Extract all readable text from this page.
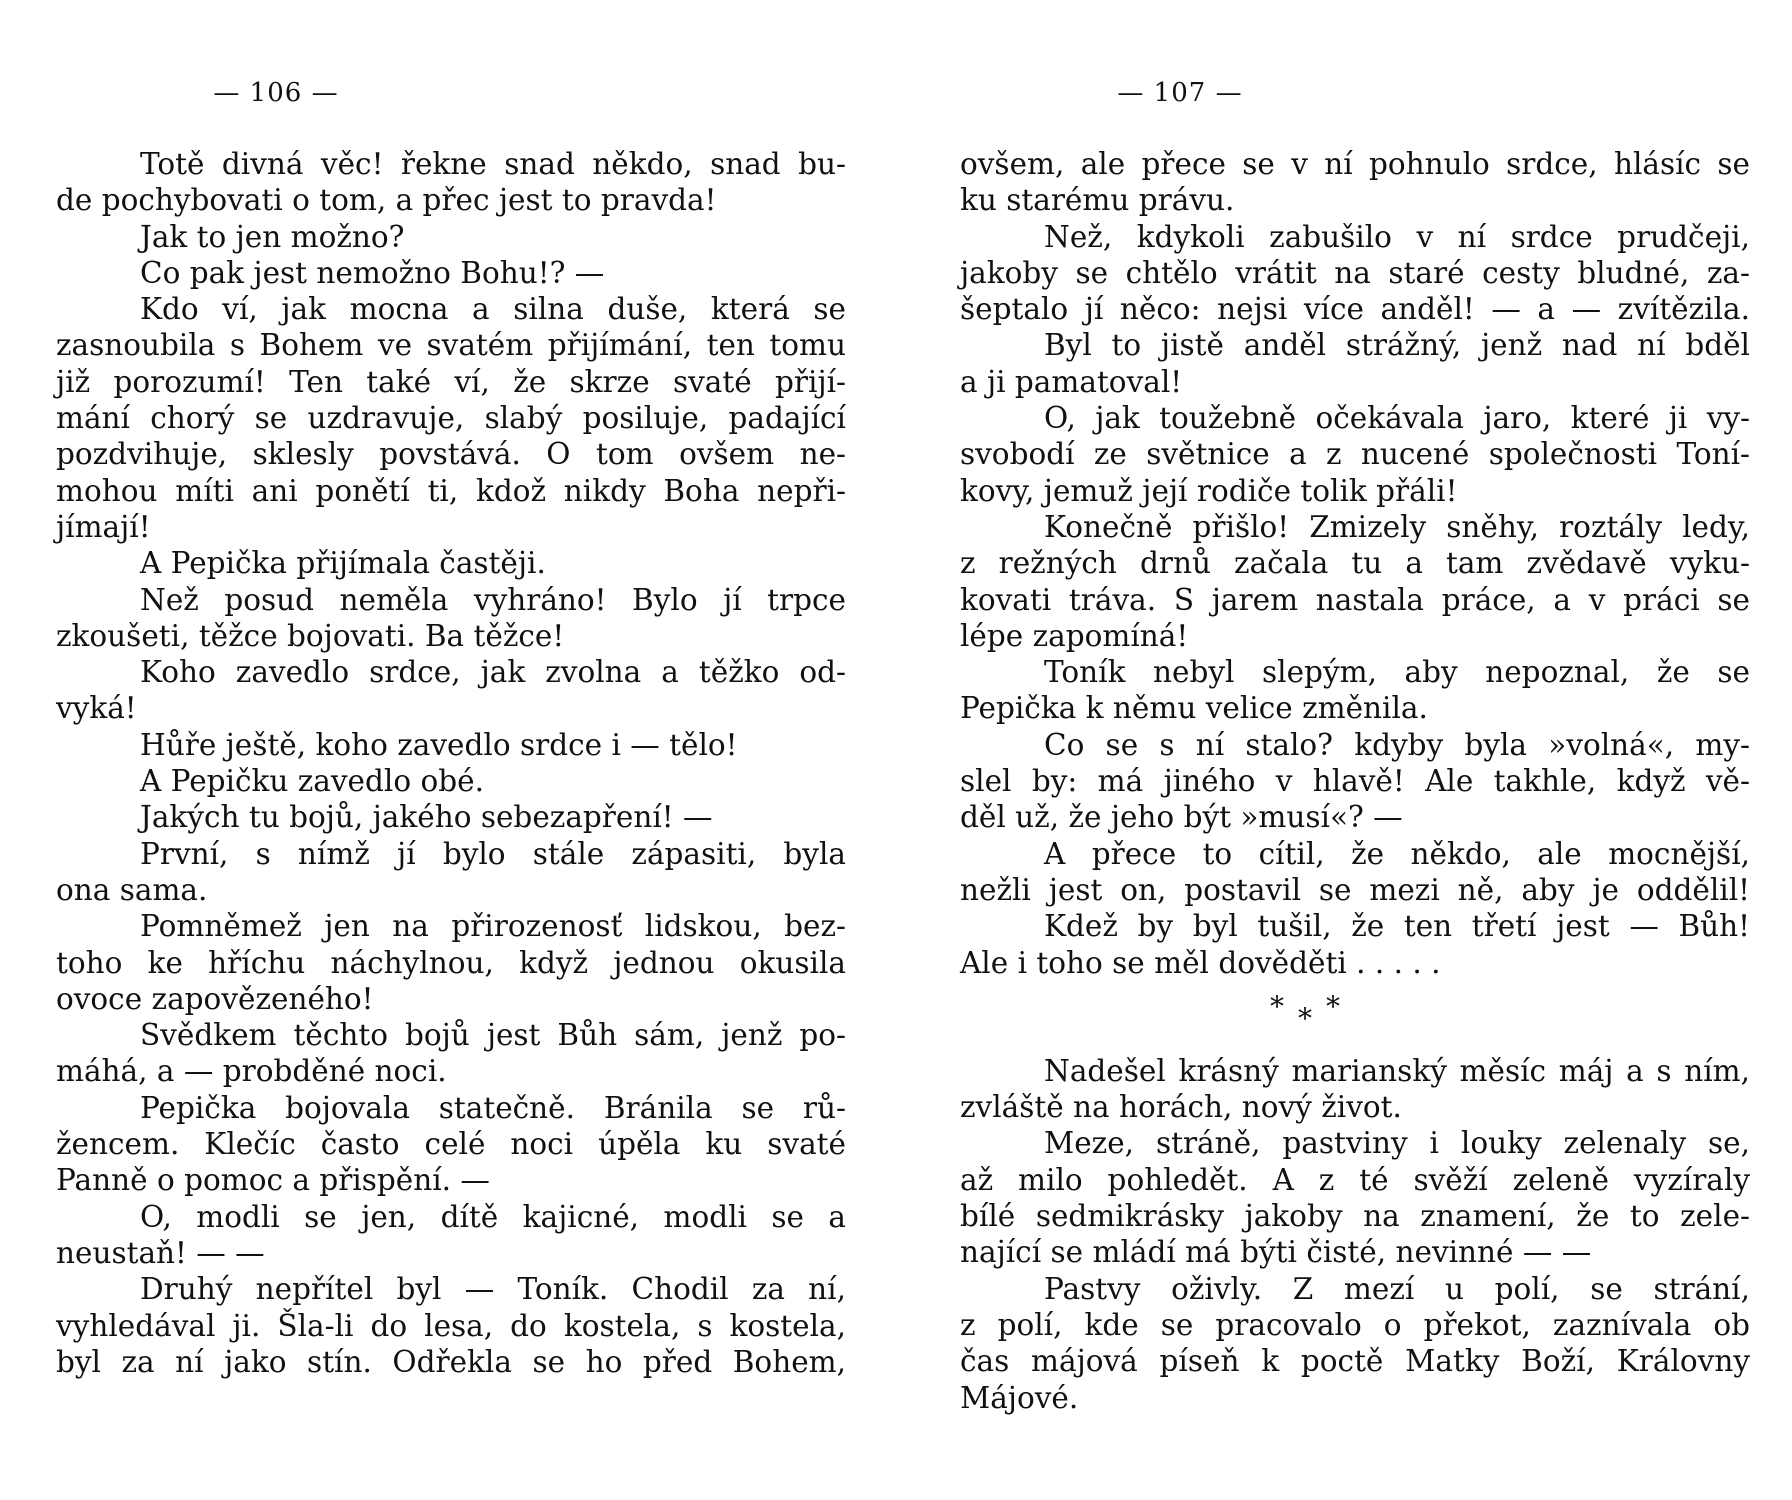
— 106 —
Totě divná věc! řekne snad někdo, snad bu-
de pochybovati o tom, a přec jest to pravda!
Jak to jen možno?
Co pak jest nemožno Bohu!? —
Kdo ví, jak mocna a silna duše, která se
zasnoubila s Bohem ve svatém přijímání, ten tomu
již porozumí! Ten také ví, že skrze svaté přijí-
mání chorý se uzdravuje, slabý posiluje, padající
pozdvihuje, sklesly povstává. O tom ovšem ne-
mohou míti ani ponětí ti, kdož nikdy Boha nepři-
jímají!
A Pepička přijímala častěji.
Než posud neměla vyhráno! Bylo jí trpce
zkoušeti, těžce bojovati. Ba těžce!
Koho zavedlo srdce, jak zvolna a těžko od-
vyká!
Hůře ještě, koho zavedlo srdce i — tělo!
A Pepičku zavedlo obé.
Jakých tu bojů, jakého sebezapření! —
První, s nímž jí bylo stále zápasiti, byla
ona sama.
Pomněmež jen na přirozenosť lidskou, bez-
toho ke hříchu náchylnou, když jednou okusila
ovoce zapovězeného!
Svědkem těchto bojů jest Bůh sám, jenž po-
máhá, a — probděné noci.
Pepička bojovala statečně. Bránila se rů-
žencem. Klečíc často celé noci úpěla ku svaté
Panně o pomoc a přispění. —
O, modli se jen, dítě kajicné, modli se a
neustaň! — —
Druhý nepřítel byl — Toník. Chodil za ní,
vyhledával ji. Šla-li do lesa, do kostela, s kostela,
byl za ní jako stín. Odřekla se ho před Bohem,
— 107 —
ovšem, ale přece se v ní pohnulo srdce, hlásíc se
ku starému právu.
Než, kdykoli zabušilo v ní srdce prudčeji,
jakoby se chtělo vrátit na staré cesty bludné, za-
šeptalo jí něco: nejsi více anděl! — a — zvítězila.
Byl to jistě anděl strážný, jenž nad ní bděl
a ji pamatoval!
O, jak toužebně očekávala jaro, které ji vy-
svobodí ze světnice a z nucené společnosti Toní-
kovy, jemuž její rodiče tolik přáli!
Konečně přišlo! Zmizely sněhy, roztály ledy,
z režných drnů začala tu a tam zvědavě vyku-
kovati tráva. S jarem nastala práce, a v práci se
lépe zapomíná!
Toník nebyl slepým, aby nepoznal, že se
Pepička k němu velice změnila.
Co se s ní stalo? kdyby byla »volná«, my-
slel by: má jiného v hlavě! Ale takhle, když vě-
děl už, že jeho být »musí«? —
A přece to cítil, že někdo, ale mocnější,
nežli jest on, postavil se mezi ně, aby je oddělil!
Kdež by byl tušil, že ten třetí jest — Bůh!
Ale i toho se měl dověděti . . . . .
* * *
Nadešel krásný marianský měsíc máj a s ním,
zvláště na horách, nový život.
Meze, stráně, pastviny i louky zelenaly se,
až milo pohledět. A z té svěží zeleně vyzíraly
bílé sedmikrásky jakoby na znamení, že to zele-
nající se mládí má býti čisté, nevinné — —
Pastvy oživly. Z mezí u polí, se strání,
z polí, kde se pracovalo o překot, zaznívala ob
čas májová píseň k poctě Matky Boží, Královny
Májové.
